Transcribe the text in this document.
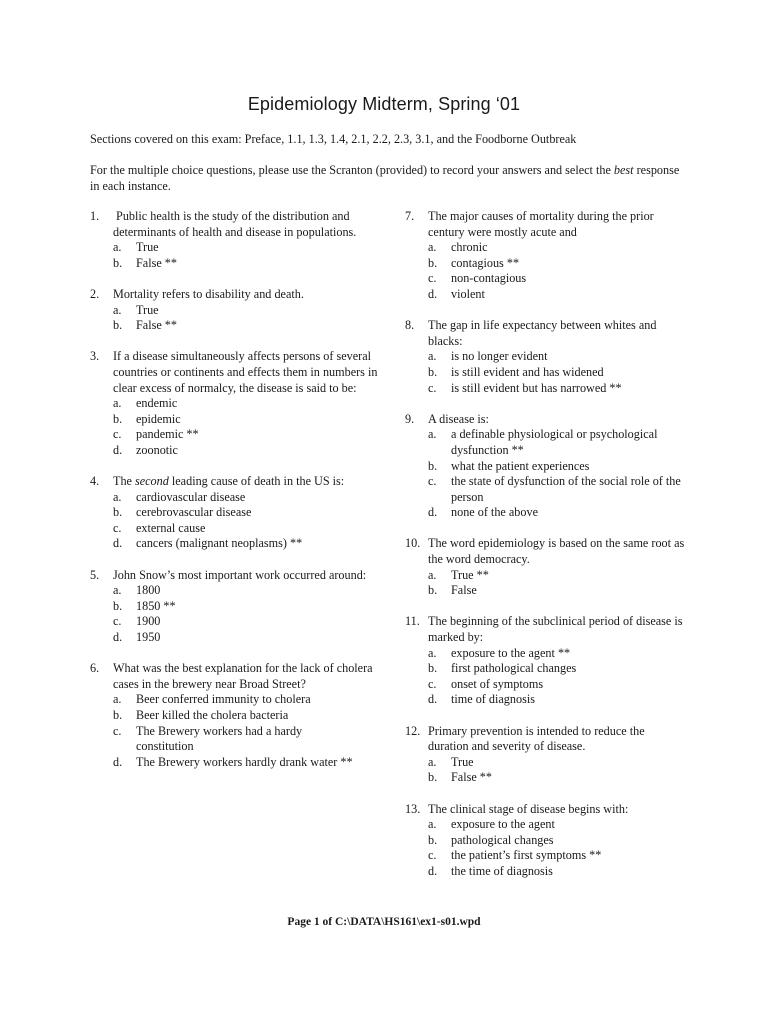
Epidemiology Midterm, Spring ‘01
Sections covered on this exam: Preface, 1.1, 1.3, 1.4, 2.1, 2.2, 2.3, 3.1, and the Foodborne Outbreak
For the multiple choice questions, please use the Scranton (provided) to record your answers and select the best response in each instance.
1. Public health is the study of the distribution and determinants of health and disease in populations.
a. True
b. False **
2. Mortality refers to disability and death.
a. True
b. False **
3. If a disease simultaneously affects persons of several countries or continents and effects them in numbers in clear excess of normalcy, the disease is said to be:
a. endemic
b. epidemic
c. pandemic **
d. zoonotic
4. The second leading cause of death in the US is:
a. cardiovascular disease
b. cerebrovascular disease
c. external cause
d. cancers (malignant neoplasms) **
5. John Snow’s most important work occurred around:
a. 1800
b. 1850 **
c. 1900
d. 1950
6. What was the best explanation for the lack of cholera cases in the brewery near Broad Street?
a. Beer conferred immunity to cholera
b. Beer killed the cholera bacteria
c. The Brewery workers had a hardy constitution
d. The Brewery workers hardly drank water **
7. The major causes of mortality during the prior century were mostly acute and
a. chronic
b. contagious **
c. non-contagious
d. violent
8. The gap in life expectancy between whites and blacks:
a. is no longer evident
b. is still evident and has widened
c. is still evident but has narrowed **
9. A disease is:
a. a definable physiological or psychological dysfunction **
b. what the patient experiences
c. the state of dysfunction of the social role of the person
d. none of the above
10. The word epidemiology is based on the same root as the word democracy.
a. True **
b. False
11. The beginning of the subclinical period of disease is marked by:
a. exposure to the agent **
b. first pathological changes
c. onset of symptoms
d. time of diagnosis
12. Primary prevention is intended to reduce the duration and severity of disease.
a. True
b. False **
13. The clinical stage of disease begins with:
a. exposure to the agent
b. pathological changes
c. the patient’s first symptoms **
d. the time of diagnosis
Page 1 of C:\DATA\HS161\ex1-s01.wpd
